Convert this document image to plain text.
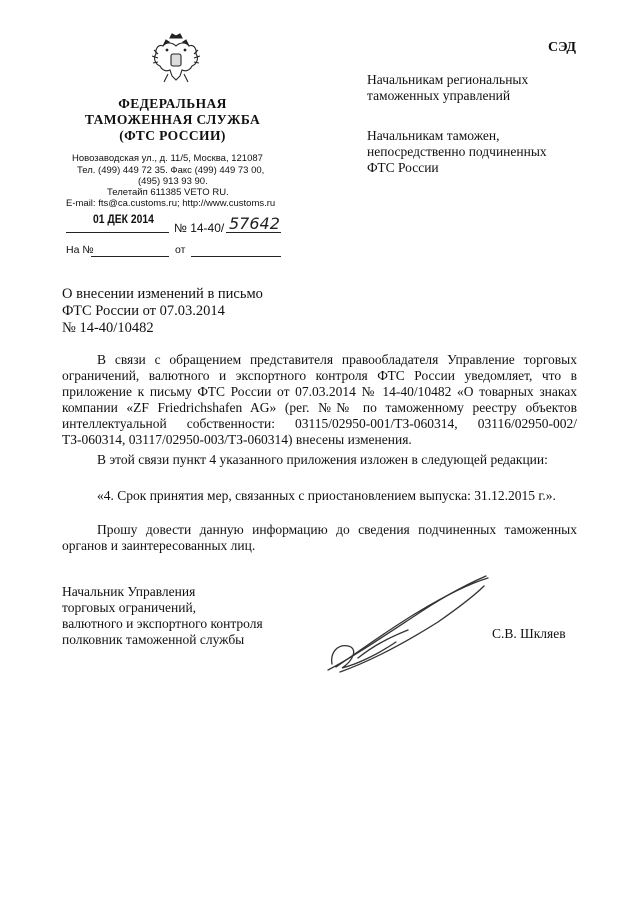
СЭД
ФЕДЕРАЛЬНАЯ
ТАМОЖЕННАЯ СЛУЖБА
(ФТС РОССИИ)
Новозаводская ул., д. 11/5, Москва, 121087
Тел. (499) 449 72 35. Факс (499) 449 73 00,
(495) 913 93 90.
Телетайп 611385 VETO RU.
E-mail: fts@ca.customs.ru; http://www.customs.ru
01 ДЕК 2014
№ 14-40/ 57642
На №	от
Начальникам региональных
таможенных управлений
Начальникам таможен,
непосредственно подчиненных
ФТС России
О внесении изменений в письмо
ФТС России от 07.03.2014
№ 14-40/10482
В связи с обращением представителя правообладателя Управление торговых ограничений, валютного и экспортного контроля ФТС России уведомляет, что в приложение к письму ФТС России от 07.03.2014 № 14-40/10482 «О товарных знаках компании «ZF Friedrichshafen AG» (рег. №№ по таможенному реестру объектов интеллектуальной собственности: 03115/02950-001/ТЗ-060314, 03116/02950-002/ТЗ-060314, 03117/02950-003/ТЗ-060314) внесены изменения.
В этой связи пункт 4 указанного приложения изложен в следующей редакции:
«4. Срок принятия мер, связанных с приостановлением выпуска: 31.12.2015 г.».
Прошу довести данную информацию до сведения подчиненных таможенных органов и заинтересованных лиц.
Начальник Управления
торговых ограничений,
валютного и экспортного контроля
полковник таможенной службы	С.В. Шкляев
